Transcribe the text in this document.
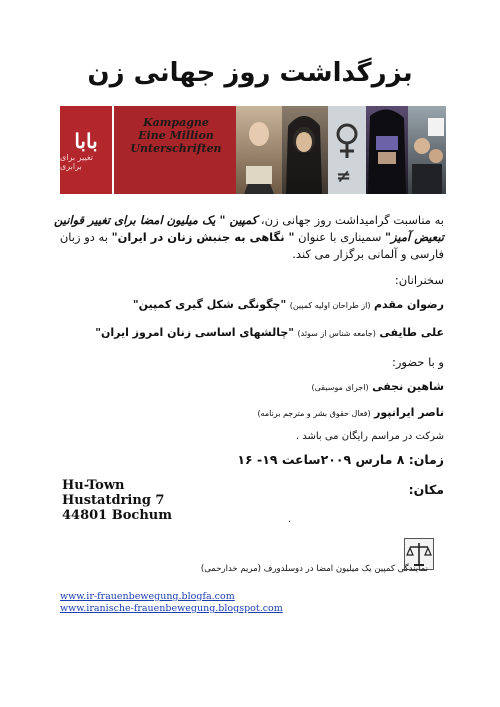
بزرگداشت روز جهانی زن
بابا
تغییر برای برابری
Kampagne
Eine Million
Unterschriften
≠
به مناسبت گرامیداشت روز جهانی زن، کمپین " یک میلیون امضا برای تغییر قوانین تبعیض آمیز" سمیناری با عنوان " نگاهی به جنبش زنان در ایران" به دو زبان فارسی و آلمانی برگزار می کند.
سخنرانان:
رضوان مقدم (از طراحان اولیه کمپین) "چگونگی شکل گیری کمپین"
علی طایفی (جامعه شناس از سوئد) "چالشهای اساسی زنان امروز ایران"
و با حضور:
شاهین نجفی (اجرای موسیقی)
ناصر ایرانپور (فعال حقوق بشر و مترجم برنامه)
شرکت در مراسم رایگان می باشد .
زمان: ۸ مارس ۲۰۰۹ساعت ۱۹- ۱۶
مکان:
Hu-Town
Hustatdring 7
44801 Bochum	.
نمایندگی کمپین یک میلیون امضا در دوسلدورف (مریم خدارحمی)
www.ir-frauenbewegung.blogfa.com
www.iranische-frauenbewegung.blogspot.com
